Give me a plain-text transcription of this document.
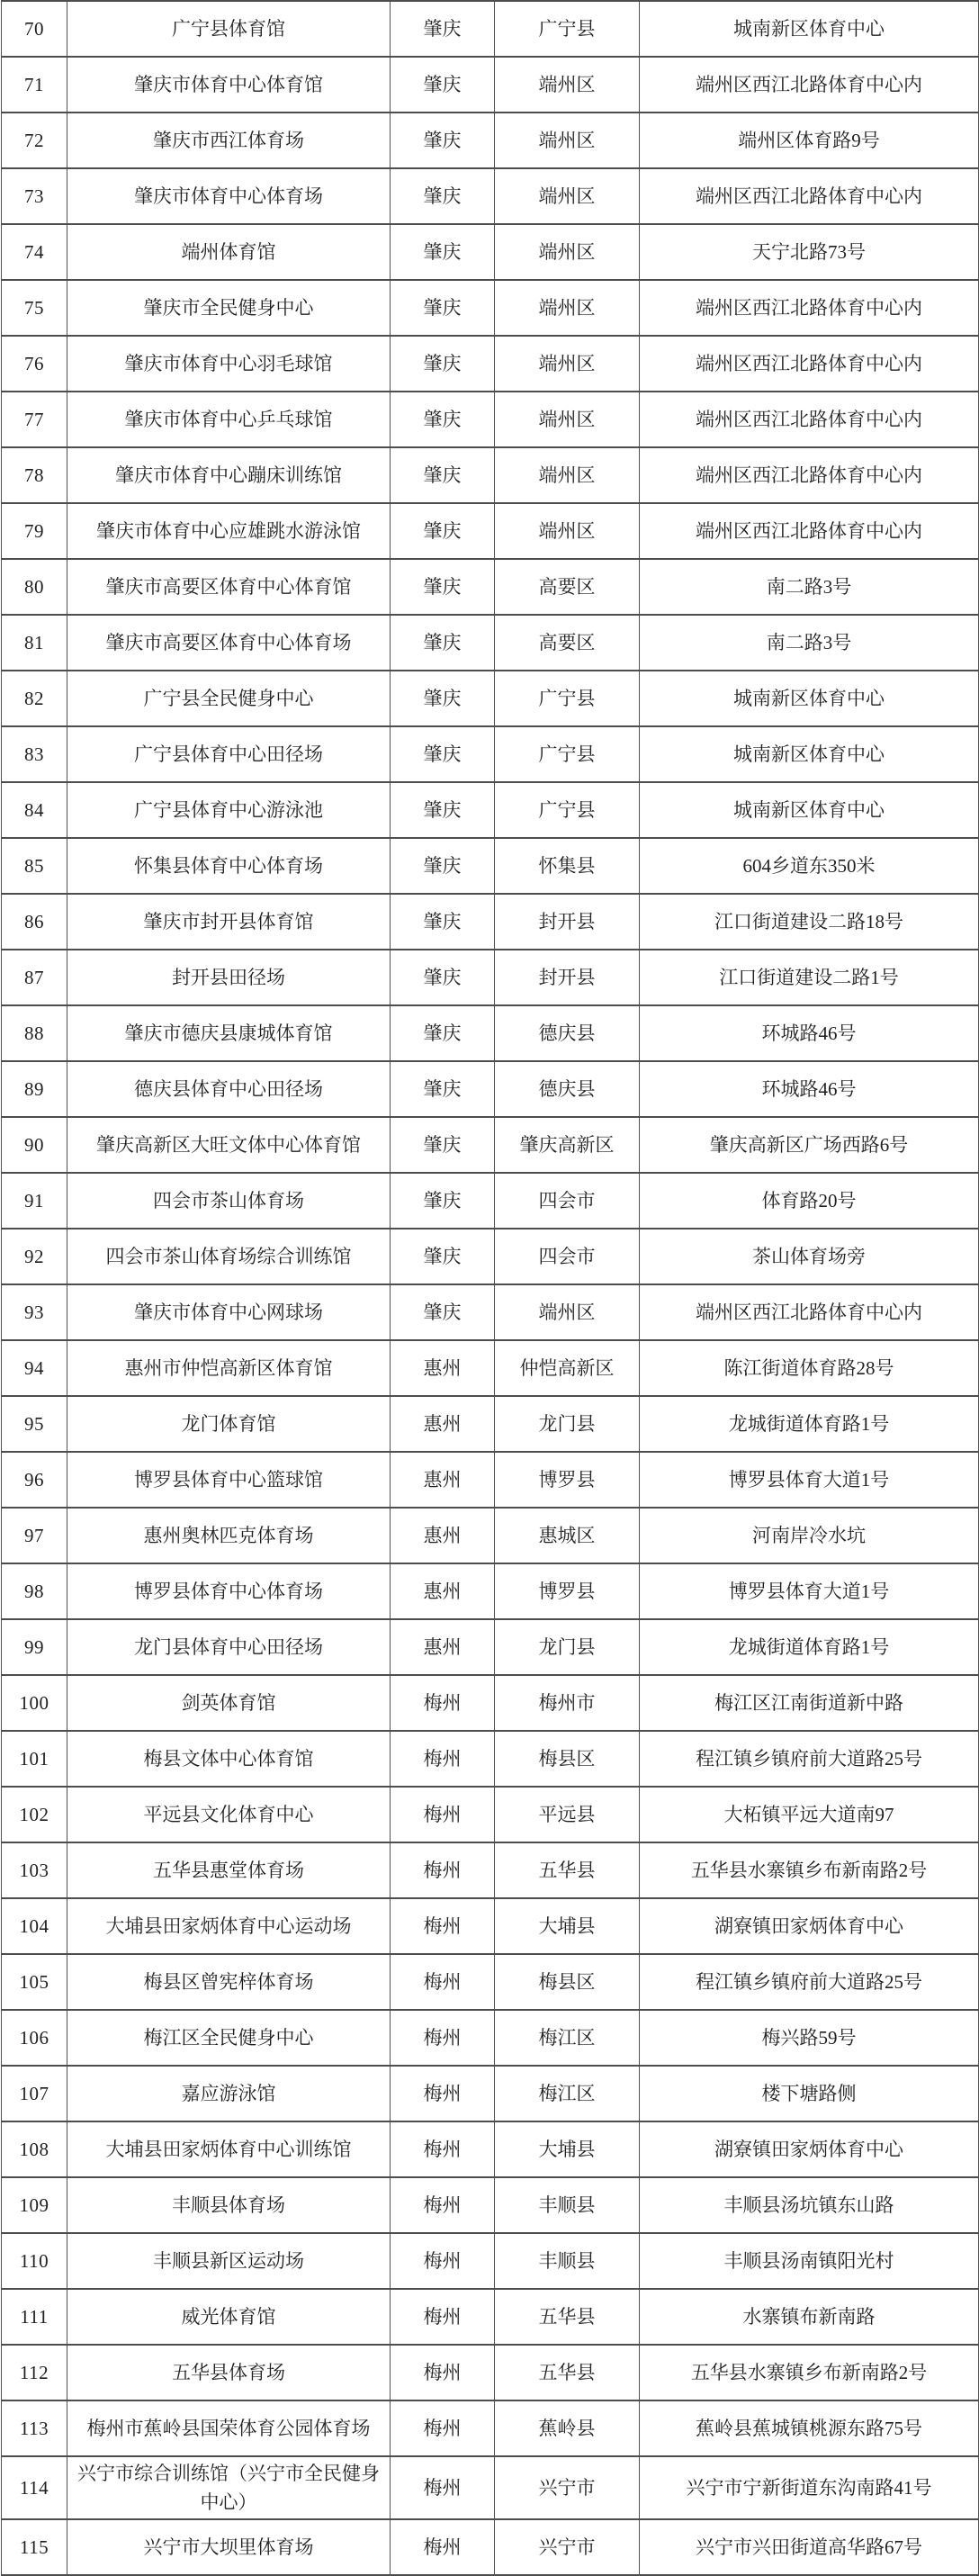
70	广宁县体育馆	肇庆	广宁县	城南新区体育中心
71	肇庆市体育中心体育馆	肇庆	端州区	端州区西江北路体育中心内
72	肇庆市西江体育场	肇庆	端州区	端州区体育路9号
73	肇庆市体育中心体育场	肇庆	端州区	端州区西江北路体育中心内
74	端州体育馆	肇庆	端州区	天宁北路73号
75	肇庆市全民健身中心	肇庆	端州区	端州区西江北路体育中心内
76	肇庆市体育中心羽毛球馆	肇庆	端州区	端州区西江北路体育中心内
77	肇庆市体育中心乒乓球馆	肇庆	端州区	端州区西江北路体育中心内
78	肇庆市体育中心蹦床训练馆	肇庆	端州区	端州区西江北路体育中心内
79	肇庆市体育中心应雄跳水游泳馆	肇庆	端州区	端州区西江北路体育中心内
80	肇庆市高要区体育中心体育馆	肇庆	高要区	南二路3号
81	肇庆市高要区体育中心体育场	肇庆	高要区	南二路3号
82	广宁县全民健身中心	肇庆	广宁县	城南新区体育中心
83	广宁县体育中心田径场	肇庆	广宁县	城南新区体育中心
84	广宁县体育中心游泳池	肇庆	广宁县	城南新区体育中心
85	怀集县体育中心体育场	肇庆	怀集县	604乡道东350米
86	肇庆市封开县体育馆	肇庆	封开县	江口街道建设二路18号
87	封开县田径场	肇庆	封开县	江口街道建设二路1号
88	肇庆市德庆县康城体育馆	肇庆	德庆县	环城路46号
89	德庆县体育中心田径场	肇庆	德庆县	环城路46号
90	肇庆高新区大旺文体中心体育馆	肇庆	肇庆高新区	肇庆高新区广场西路6号
91	四会市茶山体育场	肇庆	四会市	体育路20号
92	四会市茶山体育场综合训练馆	肇庆	四会市	茶山体育场旁
93	肇庆市体育中心网球场	肇庆	端州区	端州区西江北路体育中心内
94	惠州市仲恺高新区体育馆	惠州	仲恺高新区	陈江街道体育路28号
95	龙门体育馆	惠州	龙门县	龙城街道体育路1号
96	博罗县体育中心篮球馆	惠州	博罗县	博罗县体育大道1号
97	惠州奥林匹克体育场	惠州	惠城区	河南岸冷水坑
98	博罗县体育中心体育场	惠州	博罗县	博罗县体育大道1号
99	龙门县体育中心田径场	惠州	龙门县	龙城街道体育路1号
100	剑英体育馆	梅州	梅州市	梅江区江南街道新中路
101	梅县文体中心体育馆	梅州	梅县区	程江镇乡镇府前大道路25号
102	平远县文化体育中心	梅州	平远县	大柘镇平远大道南97
103	五华县惠堂体育场	梅州	五华县	五华县水寨镇乡布新南路2号
104	大埔县田家炳体育中心运动场	梅州	大埔县	湖寮镇田家炳体育中心
105	梅县区曾宪梓体育场	梅州	梅县区	程江镇乡镇府前大道路25号
106	梅江区全民健身中心	梅州	梅江区	梅兴路59号
107	嘉应游泳馆	梅州	梅江区	楼下塘路侧
108	大埔县田家炳体育中心训练馆	梅州	大埔县	湖寮镇田家炳体育中心
109	丰顺县体育场	梅州	丰顺县	丰顺县汤坑镇东山路
110	丰顺县新区运动场	梅州	丰顺县	丰顺县汤南镇阳光村
111	威光体育馆	梅州	五华县	水寨镇布新南路
112	五华县体育场	梅州	五华县	五华县水寨镇乡布新南路2号
113	梅州市蕉岭县国荣体育公园体育场	梅州	蕉岭县	蕉岭县蕉城镇桃源东路75号
114	兴宁市综合训练馆（兴宁市全民健身中心）	梅州	兴宁市	兴宁市宁新街道东沟南路41号
115	兴宁市大坝里体育场	梅州	兴宁市	兴宁市兴田街道高华路67号
